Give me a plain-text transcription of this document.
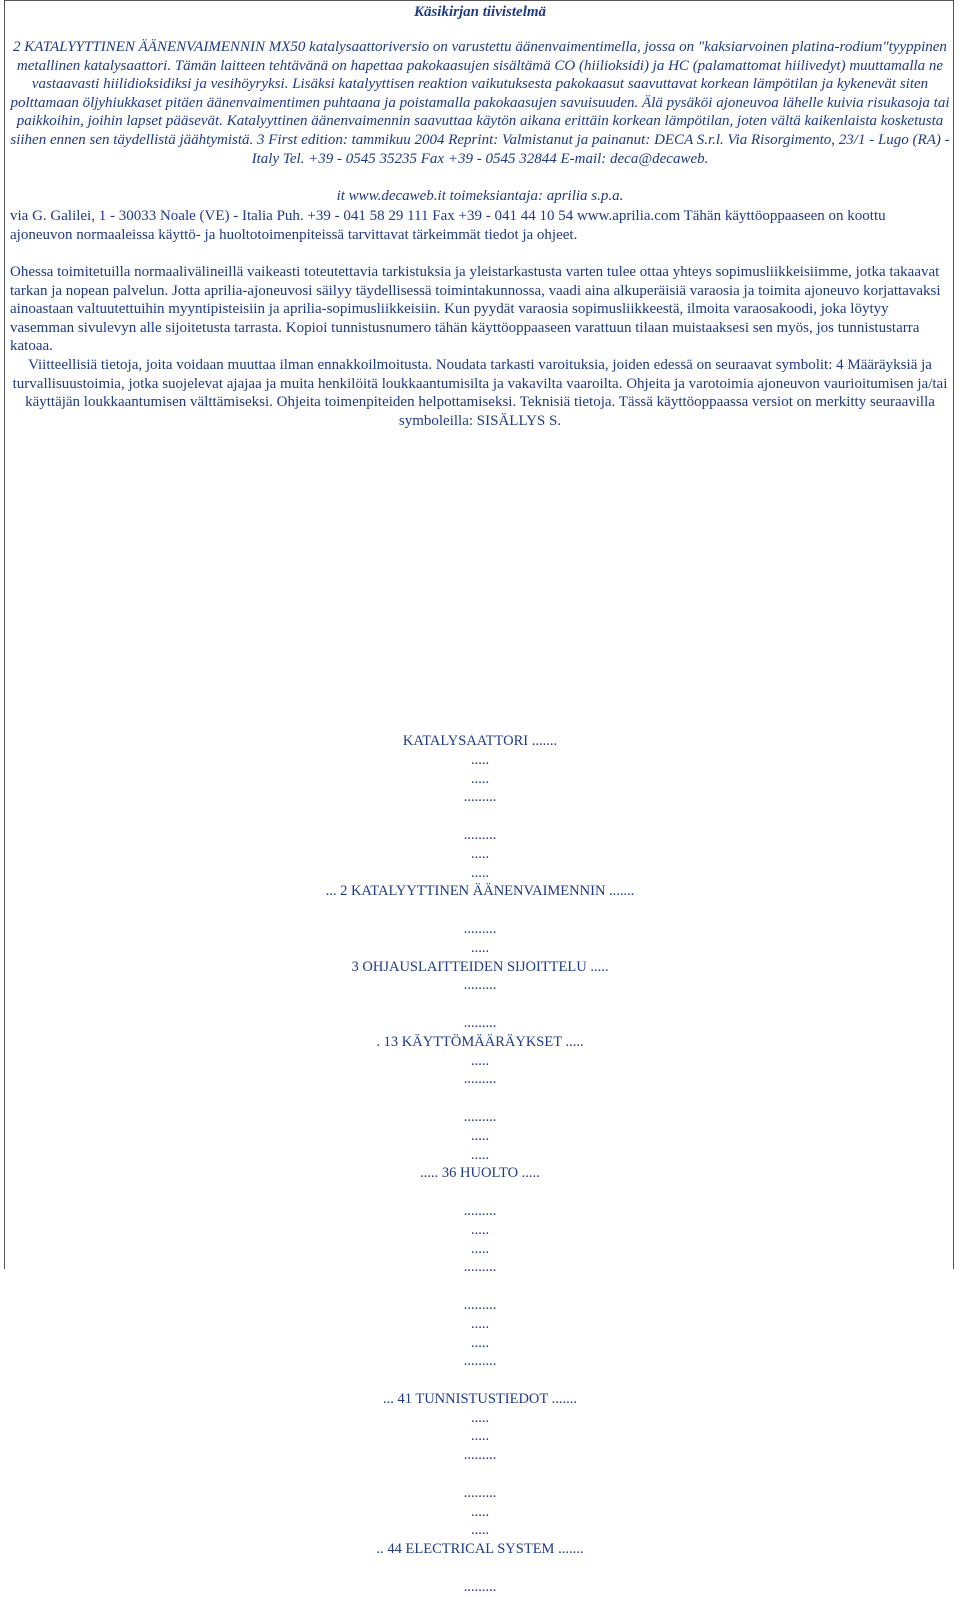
Käsikirjan tiivistelmä
2 KATALYYTTINEN ÄÄNENVAIMENNIN MX50 katalysaattoriversio on varustettu äänenvaimentimella, jossa on "kaksiarvoinen platina-rodium"tyyppinen metallinen katalysaattori. Tämän laitteen tehtävänä on hapettaa pakokaasujen sisältämä CO (hiilioksidi) ja HC (palamattomat hiilivedyt) muuttamalla ne vastaavasti hiilidioksidiksi ja vesihöyryksi. Lisäksi katalyyttisen reaktion vaikutuksesta pakokaasut saavuttavat korkean lämpötilan ja kykenevät siten polttamaan öljyhiukkaset pitäen äänenvaimentimen puhtaana ja poistamalla pakokaasujen savuisuuden. Älä pysäköi ajoneuvoa lähelle kuivia risukasoja tai paikkoihin, joihin lapset pääsevät. Katalyyttinen äänenvaimennin saavuttaa käytön aikana erittäin korkean lämpötilan, joten vältä kaikenlaista kosketusta siihen ennen sen täydellistä jäähtymistä. 3 First edition: tammikuu 2004 Reprint: Valmistanut ja painanut: DECA S.r.l. Via Risorgimento, 23/1 - Lugo (RA) - Italy Tel. +39 - 0545 35235 Fax +39 - 0545 32844 E-mail: deca@decaweb.
it www.decaweb.it toimeksiantaja: aprilia s.p.a.
via G. Galilei, 1 - 30033 Noale (VE) - Italia Puh. +39 - 041 58 29 111 Fax +39 - 041 44 10 54 www.aprilia.com Tähän käyttöoppaaseen on koottu ajoneuvon normaaleissa käyttö- ja huoltotoimenpiteissä tarvittavat tärkeimmät tiedot ja ohjeet.
Ohessa toimitetuilla normaalivälineillä vaikeasti toteutettavia tarkistuksia ja yleistarkastusta varten tulee ottaa yhteys sopimusliikkeisiimme, jotka takaavat tarkan ja nopean palvelun. Jotta aprilia-ajoneuvosi säilyy täydellisessä toimintakunnossa, vaadi aina alkuperäisiä varaosia ja toimita ajoneuvo korjattavaksi ainoastaan valtuutettuihin myyntipisteisiin ja aprilia-sopimusliikkeisiin. Kun pyydät varaosia sopimusliikkeestä, ilmoita varaosakoodi, joka löytyy vasemman sivulevyn alle sijoitetusta tarrasta. Kopioi tunnistusnumero tähän käyttöoppaaseen varattuun tilaan muistaaksesi sen myös, jos tunnistustarra katoaa.
Viitteellisiä tietoja, joita voidaan muuttaa ilman ennakkoilmoitusta. Noudata tarkasti varoituksia, joiden edessä on seuraavat symbolit: 4 Määräyksiä ja turvallisuustoimia, jotka suojelevat ajajaa ja muita henkilöitä loukkaantumisilta ja vakavilta vaaroilta. Ohjeita ja varotoimia ajoneuvon vaurioitumisen ja/tai käyttäjän loukkaantumisen välttämiseksi. Ohjeita toimenpiteiden helpottamiseksi. Teknisiä tietoja. Tässä käyttöoppaassa versiot on merkitty seuraavilla symboleilla: SISÄLLYS S.
KATALYSAATTORI .......
.....
.....
.........
.........
.....
.....
... 2 KATALYYTTINEN ÄÄNENVAIMENNIN .......
.........
.....
3 OHJAUSLAITTEIDEN SIJOITTELU .....
.........
.........
. 13 KÄYTTÖMÄÄRÄYKSET .....
.....
.........
.........
.....
.....
..... 36 HUOLTO .....
.........
.....
.....
.........
.........
.....
.....
.........
... 41 TUNNISTUSTIEDOT .......
.....
.....
.........
.........
.....
.....
.. 44 ELECTRICAL SYSTEM .......
.........
